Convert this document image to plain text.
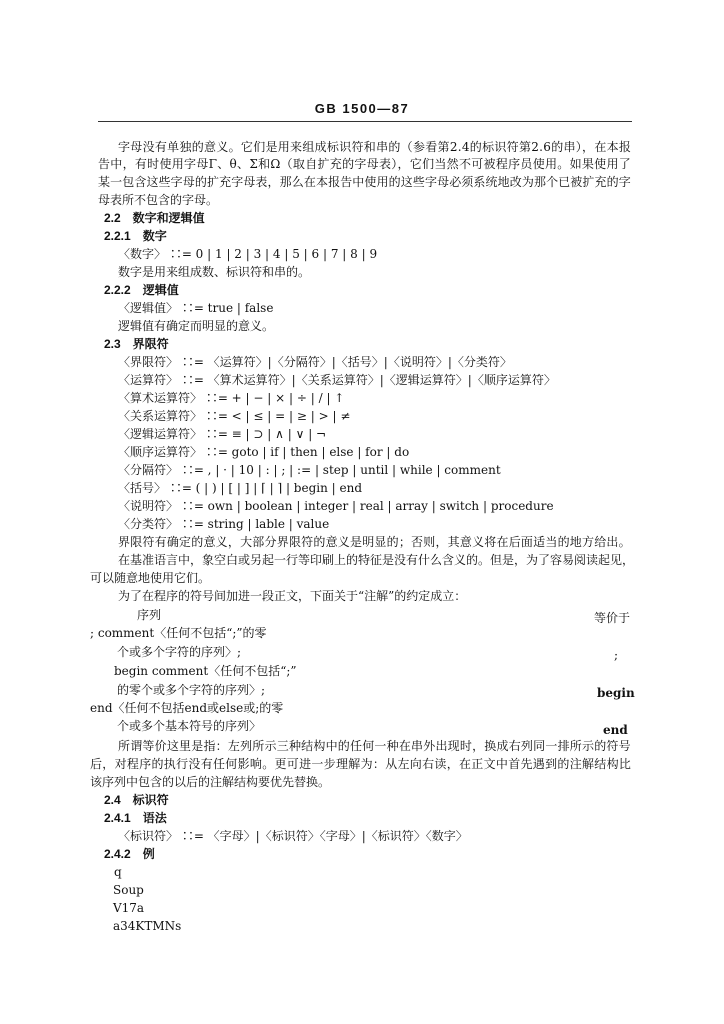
GB 1500—87
字母没有单独的意义。它们是用来组成标识符和串的（参看第2.4的标识符第2.6的串），在本报
告中，有时使用字母Γ、θ、Σ和Ω（取自扩充的字母表），它们当然不可被程序员使用。如果使用了
某一包含这些字母的扩充字母表，那么在本报告中使用的这些字母必须系统地改为那个已被扩充的字
母表所不包含的字母。
2.2　数字和逻辑值
2.2.1　数字
〈数字〉 ∷= 0 | 1 | 2 | 3 | 4 | 5 | 6 | 7 | 8 | 9
数字是用来组成数、标识符和串的。
2.2.2　逻辑值
〈逻辑值〉 ∷= true | false
逻辑值有确定而明显的意义。
2.3　界限符
〈界限符〉 ∷= 〈运算符〉|〈分隔符〉|〈括号〉|〈说明符〉|〈分类符〉
〈运算符〉 ∷= 〈算术运算符〉|〈关系运算符〉|〈逻辑运算符〉|〈顺序运算符〉
〈算术运算符〉 ∷= + | − | × | ÷ | / | ↑
〈关系运算符〉 ∷= < | ≤ | = | ≥ | > | ≠
〈逻辑运算符〉 ∷= ≡ | ⊃ | ∧ | ∨ | ¬
〈顺序运算符〉 ∷= goto | if | then | else | for | do
〈分隔符〉 ∷= , | · | 10 | : | ; | := | step | until | while | comment
〈括号〉 ∷= ( | ) | [ | ] | ⌈ | ⌉ | begin | end
〈说明符〉 ∷= own | boolean | integer | real | array | switch | procedure
〈分类符〉 ∷= string | lable | value
界限符有确定的意义，大部分界限符的意义是明显的；否则，其意义将在后面适当的地方给出。
在基准语言中，象空白或另起一行等印刷上的特征是没有什么含义的。但是，为了容易阅读起见，
可以随意地使用它们。
为了在程序的符号间加进一段正文，下面关于“注解”的约定成立：
序列	等价于
; comment〈任何不包括“;”的零
个或多个字符的序列〉;	;
begin comment〈任何不包括“;”
的零个或多个字符的序列〉;	begin
end〈任何不包括end或else或;的零
个或多个基本符号的序列〉	end
所谓等价这里是指：左列所示三种结构中的任何一种在串外出现时，换成右列同一排所示的符号
后，对程序的执行没有任何影响。更可进一步理解为：从左向右读，在正文中首先遇到的注解结构比
该序列中包含的以后的注解结构要优先替换。
2.4　标识符
2.4.1　语法
〈标识符〉 ∷= 〈字母〉|〈标识符〉〈字母〉|〈标识符〉〈数字〉
2.4.2　例
q
Soup
V17a
a34KTMNs
